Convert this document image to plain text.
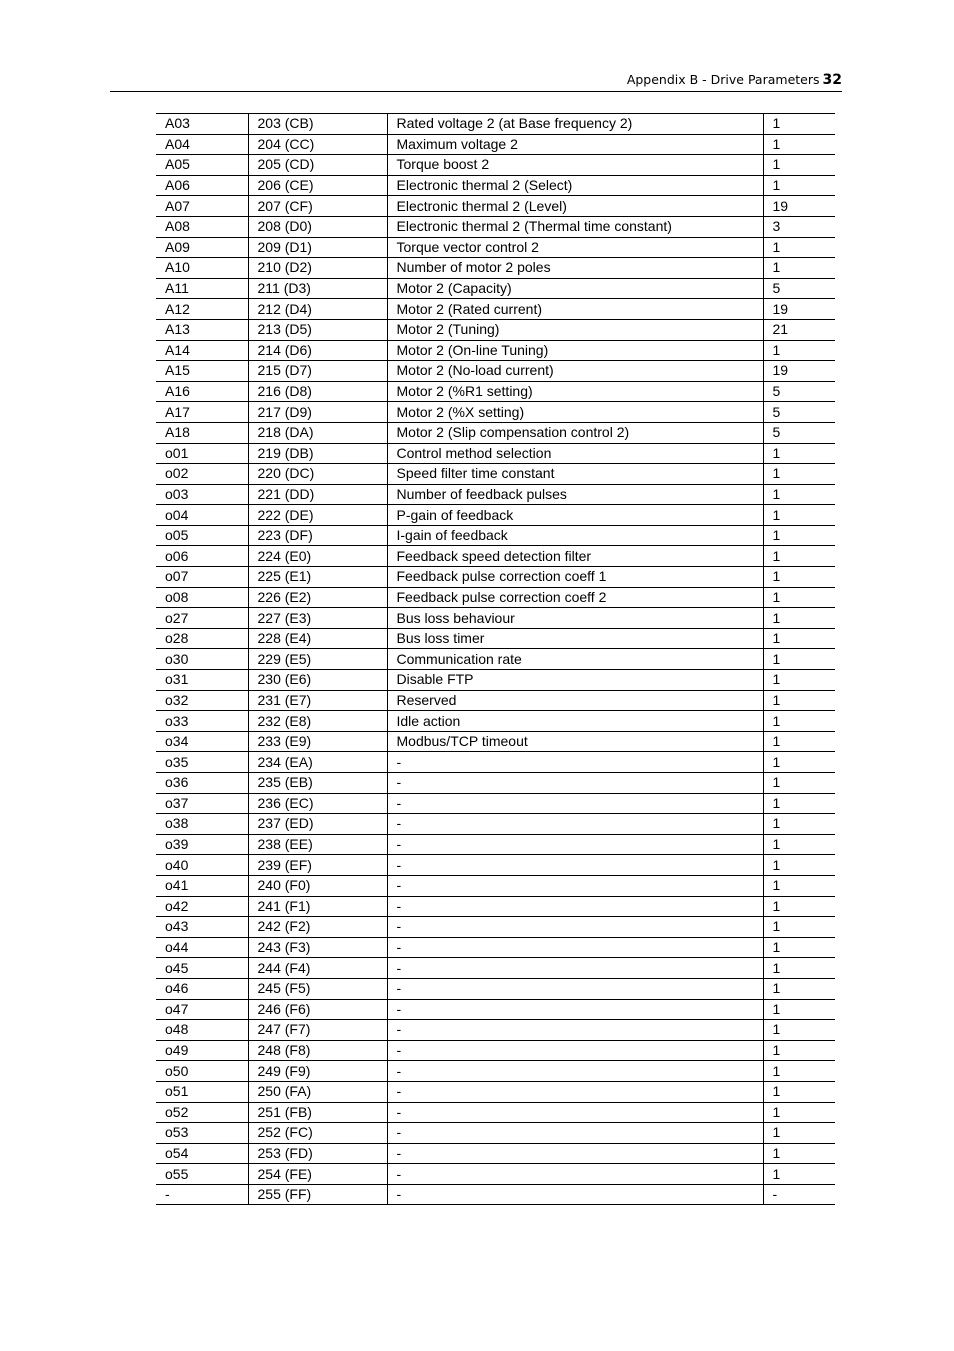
Appendix B - Drive Parameters 32
A03	203 (CB)	Rated voltage 2 (at Base frequency 2)	1
A04	204 (CC)	Maximum voltage 2	1
A05	205 (CD)	Torque boost 2	1
A06	206 (CE)	Electronic thermal 2 (Select)	1
A07	207 (CF)	Electronic thermal 2 (Level)	19
A08	208 (D0)	Electronic thermal 2 (Thermal time constant)	3
A09	209 (D1)	Torque vector control 2	1
A10	210 (D2)	Number of motor 2 poles	1
A11	211 (D3)	Motor 2 (Capacity)	5
A12	212 (D4)	Motor 2 (Rated current)	19
A13	213 (D5)	Motor 2 (Tuning)	21
A14	214 (D6)	Motor 2 (On-line Tuning)	1
A15	215 (D7)	Motor 2 (No-load current)	19
A16	216 (D8)	Motor 2 (%R1 setting)	5
A17	217 (D9)	Motor 2 (%X setting)	5
A18	218 (DA)	Motor 2 (Slip compensation control 2)	5
o01	219 (DB)	Control method selection	1
o02	220 (DC)	Speed filter time constant	1
o03	221 (DD)	Number of feedback pulses	1
o04	222 (DE)	P-gain of feedback	1
o05	223 (DF)	I-gain of feedback	1
o06	224 (E0)	Feedback speed detection filter	1
o07	225 (E1)	Feedback pulse correction coeff 1	1
o08	226 (E2)	Feedback pulse correction coeff 2	1
o27	227 (E3)	Bus loss behaviour	1
o28	228 (E4)	Bus loss timer	1
o30	229 (E5)	Communication rate	1
o31	230 (E6)	Disable FTP	1
o32	231 (E7)	Reserved	1
o33	232 (E8)	Idle action	1
o34	233 (E9)	Modbus/TCP timeout	1
o35	234 (EA)	-	1
o36	235 (EB)	-	1
o37	236 (EC)	-	1
o38	237 (ED)	-	1
o39	238 (EE)	-	1
o40	239 (EF)	-	1
o41	240 (F0)	-	1
o42	241 (F1)	-	1
o43	242 (F2)	-	1
o44	243 (F3)	-	1
o45	244 (F4)	-	1
o46	245 (F5)	-	1
o47	246 (F6)	-	1
o48	247 (F7)	-	1
o49	248 (F8)	-	1
o50	249 (F9)	-	1
o51	250 (FA)	-	1
o52	251 (FB)	-	1
o53	252 (FC)	-	1
o54	253 (FD)	-	1
o55	254 (FE)	-	1
-	255 (FF)	-	-
